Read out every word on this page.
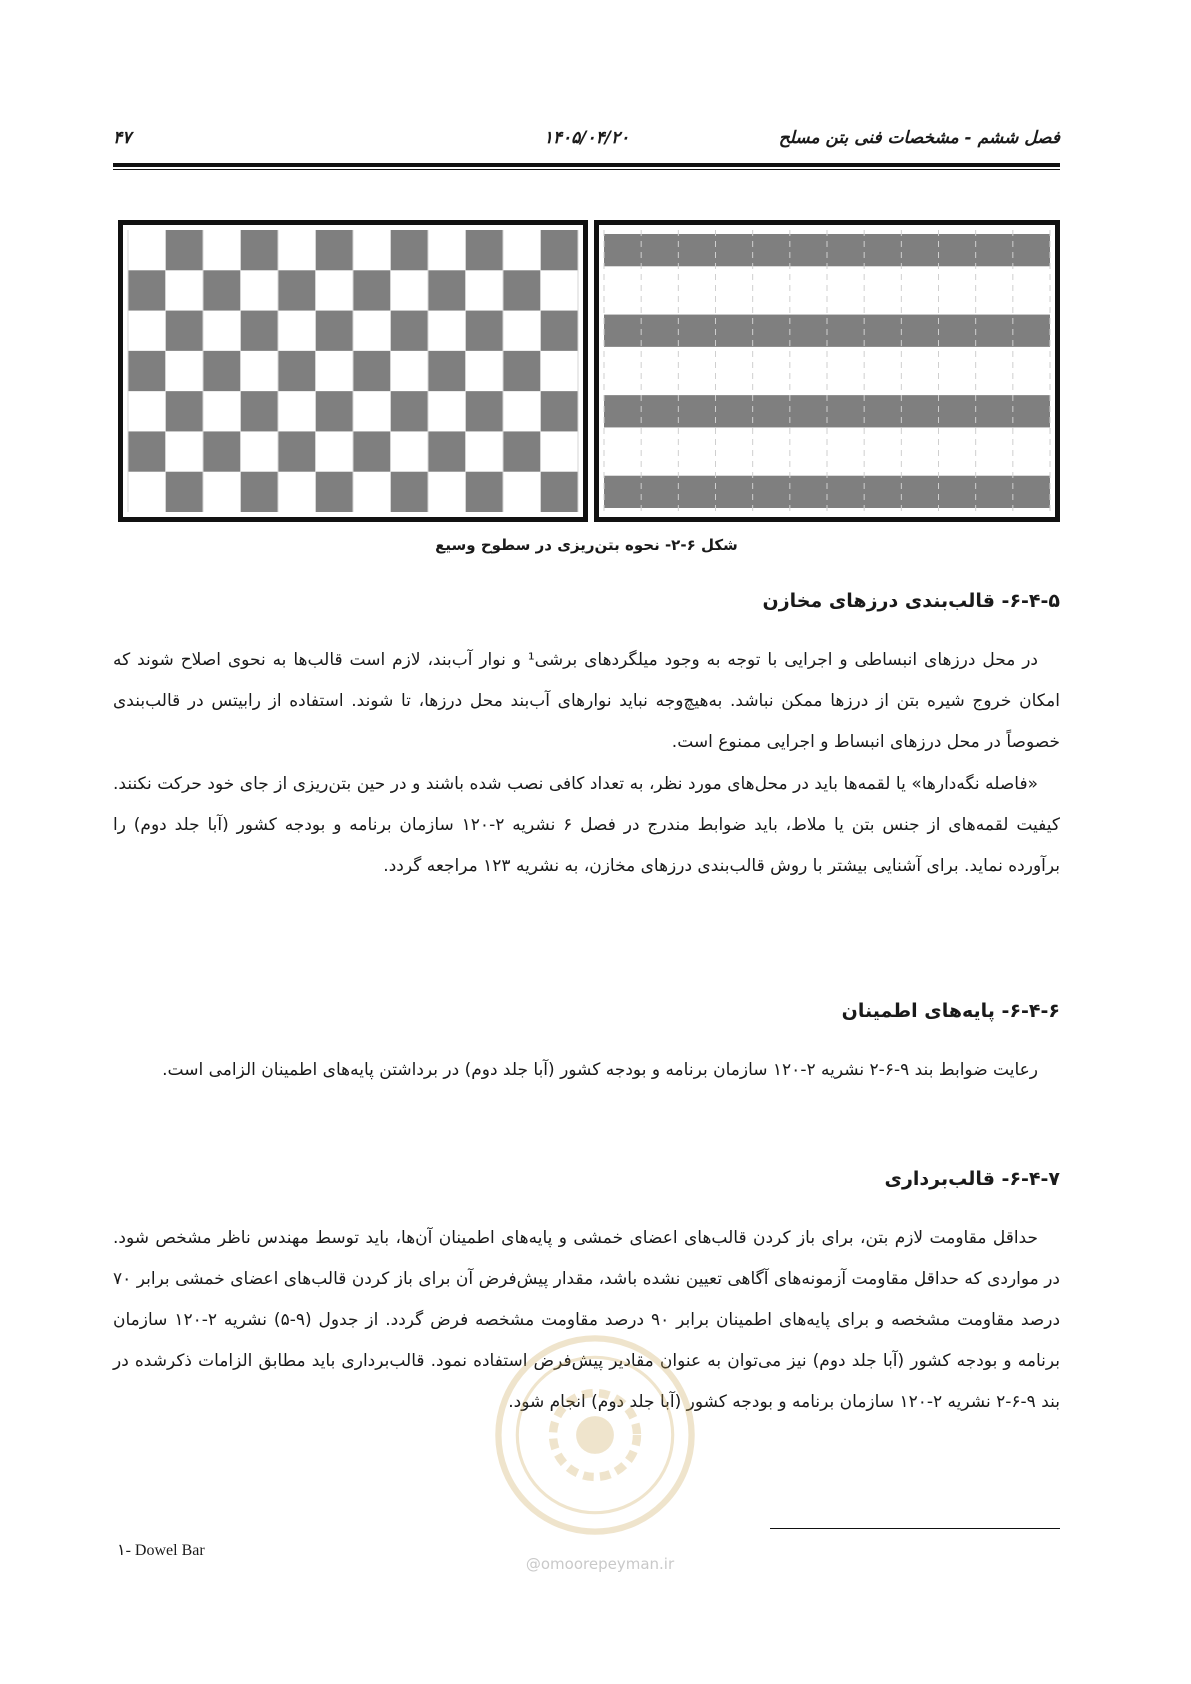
فصل ششم - مشخصات فنی بتن مسلح
۱۴۰۵/۰۴/۲۰
۴۷
شکل ۶-۲- نحوه بتن‌ریزی در سطوح وسیع
۶-۴-۵- قالب‌بندی درزهای مخازن

در محل درزهای انبساطی و اجرایی با توجه به وجود میلگردهای برشی¹ و نوار آب‌بند، لازم است قالب‌ها به نحوی اصلاح شوند که امکان خروج شیره بتن از درزها ممکن نباشد. به‌هیچ‌وجه نباید نوارهای آب‌بند محل درزها، تا شوند. استفاده از رابیتس در قالب‌بندی خصوصاً در محل درزهای انبساط و اجرایی ممنوع است.

«فاصله نگه‌دارها» یا لقمه‌ها باید در محل‌های مورد نظر، به تعداد کافی نصب شده باشند و در حین بتن‌ریزی از جای خود حرکت نکنند. کیفیت لقمه‌های از جنس بتن یا ملاط، باید ضوابط مندرج در فصل ۶ نشریه ۲-۱۲۰ سازمان برنامه و بودجه کشور (آبا جلد دوم) را برآورده نماید. برای آشنایی بیشتر با روش قالب‌بندی درزهای مخازن، به نشریه ۱۲۳ مراجعه گردد.

۶-۴-۶- پایه‌های اطمینان

رعایت ضوابط بند ۹-۶-۲ نشریه ۲-۱۲۰ سازمان برنامه و بودجه کشور (آبا جلد دوم) در برداشتن پایه‌های اطمینان الزامی است.

۶-۴-۷- قالب‌برداری

حداقل مقاومت لازم بتن، برای باز کردن قالب‌های اعضای خمشی و پایه‌های اطمینان آن‌ها، باید توسط مهندس ناظر مشخص شود. در مواردی که حداقل مقاومت آزمونه‌های آگاهی تعیین نشده باشد، مقدار پیش‌فرض آن برای باز کردن قالب‌های اعضای خمشی برابر ۷۰ درصد مقاومت مشخصه و برای پایه‌های اطمینان برابر ۹۰ درصد مقاومت مشخصه فرض گردد. از جدول (۹-۵) نشریه ۲-۱۲۰ سازمان برنامه و بودجه کشور (آبا جلد دوم) نیز می‌توان به عنوان مقادیر پیش‌فرض استفاده نمود. قالب‌برداری باید مطابق الزامات ذکرشده در بند ۹-۶-۲ نشریه ۲-۱۲۰ سازمان برنامه و بودجه کشور (آبا جلد دوم) انجام شود.

@omoorepeyman.ir
۱- Dowel Bar
